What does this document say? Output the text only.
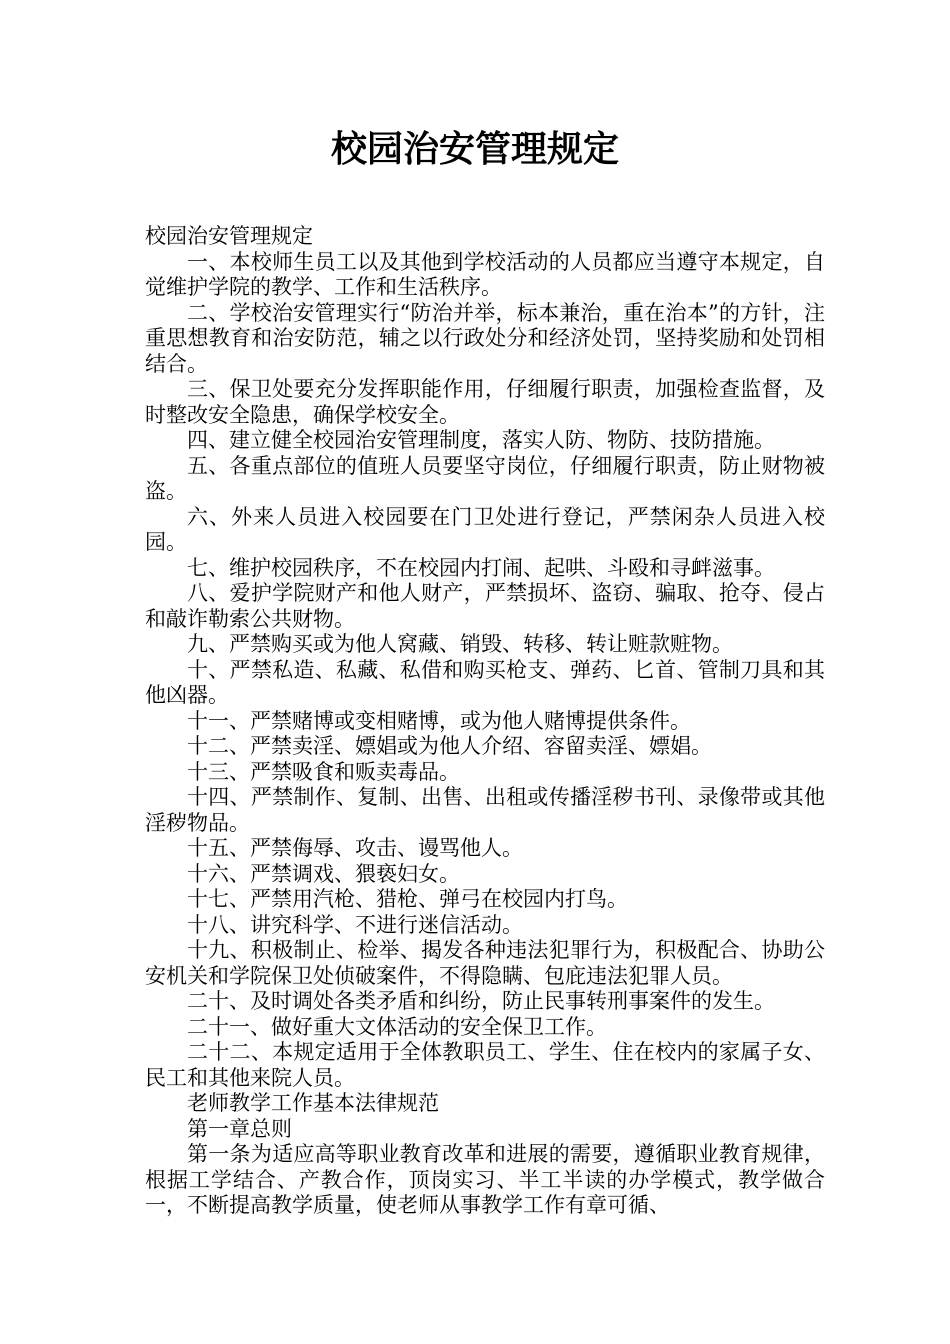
校园治安管理规定

校园治安管理规定

一、本校师生员工以及其他到学校活动的人员都应当遵守本规定，自觉维护学院的教学、工作和生活秩序。

二、学校治安管理实行“防治并举，标本兼治，重在治本”的方针，注重思想教育和治安防范，辅之以行政处分和经济处罚，坚持奖励和处罚相结合。

三、保卫处要充分发挥职能作用，仔细履行职责，加强检查监督，及时整改安全隐患，确保学校安全。

四、建立健全校园治安管理制度，落实人防、物防、技防措施。

五、各重点部位的值班人员要坚守岗位，仔细履行职责，防止财物被盗。

六、外来人员进入校园要在门卫处进行登记，严禁闲杂人员进入校园。

七、维护校园秩序，不在校园内打闹、起哄、斗殴和寻衅滋事。

八、爱护学院财产和他人财产，严禁损坏、盗窃、骗取、抢夺、侵占和敲诈勒索公共财物。

九、严禁购买或为他人窝藏、销毁、转移、转让赃款赃物。

十、严禁私造、私藏、私借和购买枪支、弹药、匕首、管制刀具和其他凶器。

十一、严禁赌博或变相赌博，或为他人赌博提供条件。

十二、严禁卖淫、嫖娼或为他人介绍、容留卖淫、嫖娼。

十三、严禁吸食和贩卖毒品。

十四、严禁制作、复制、出售、出租或传播淫秽书刊、录像带或其他淫秽物品。

十五、严禁侮辱、攻击、谩骂他人。

十六、严禁调戏、猥亵妇女。

十七、严禁用汽枪、猎枪、弹弓在校园内打鸟。

十八、讲究科学、不进行迷信活动。

十九、积极制止、检举、揭发各种违法犯罪行为，积极配合、协助公安机关和学院保卫处侦破案件，不得隐瞒、包庇违法犯罪人员。

二十、及时调处各类矛盾和纠纷，防止民事转刑事案件的发生。

二十一、做好重大文体活动的安全保卫工作。

二十二、本规定适用于全体教职员工、学生、住在校内的家属子女、民工和其他来院人员。

老师教学工作基本法律规范

第一章总则

第一条为适应高等职业教育改革和进展的需要，遵循职业教育规律，根据工学结合、产教合作，顶岗实习、半工半读的办学模式，教学做合一，不断提高教学质量，使老师从事教学工作有章可循、
